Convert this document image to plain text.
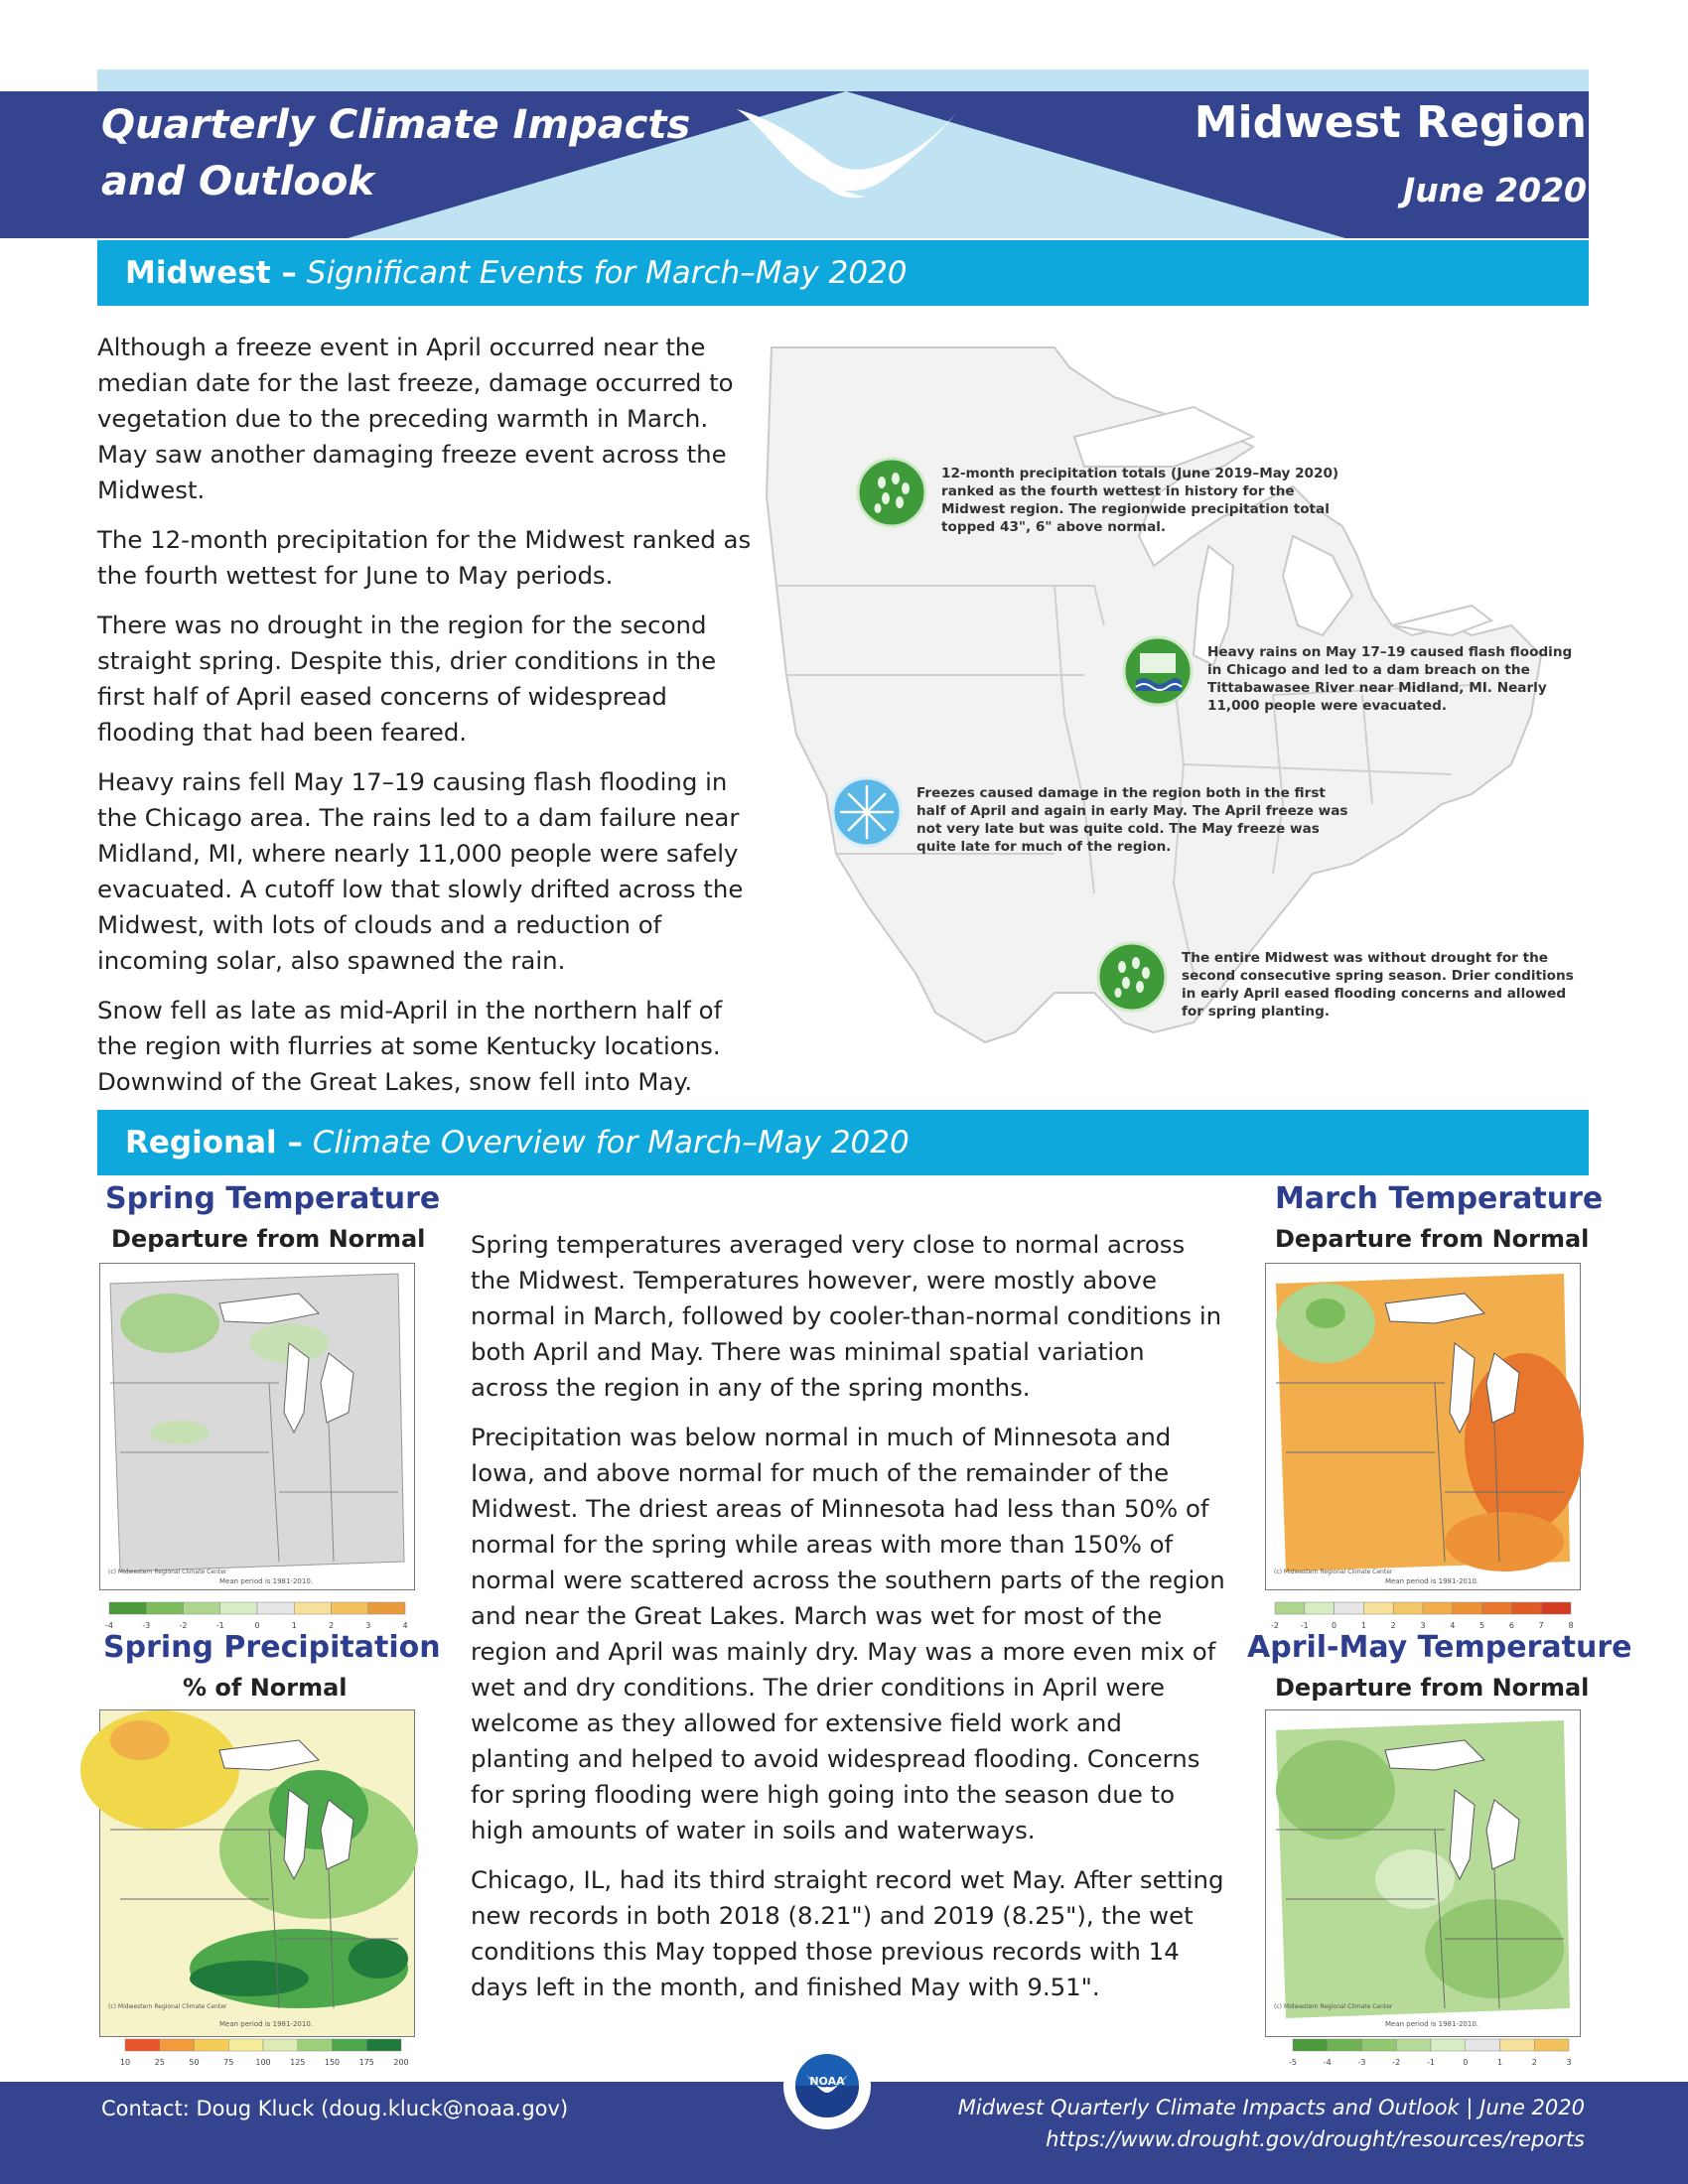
Quarterly Climate Impacts
and Outlook
Midwest Region
June 2020
Midwest – Significant Events for March–May 2020

Although a freeze event in April occurred near the median date for the last freeze, damage occurred to vegetation due to the preceding warmth in March. May saw another damaging freeze event across the Midwest.

The 12-month precipitation for the Midwest ranked as the fourth wettest for June to May periods.

There was no drought in the region for the second straight spring. Despite this, drier conditions in the first half of April eased concerns of widespread flooding that had been feared.

Heavy rains fell May 17–19 causing flash flooding in the Chicago area. The rains led to a dam failure near Midland, MI, where nearly 11,000 people were safely evacuated. A cutoff low that slowly drifted across the Midwest, with lots of clouds and a reduction of incoming solar, also spawned the rain.

Snow fell as late as mid-April in the northern half of the region with flurries at some Kentucky locations. Downwind of the Great Lakes, snow fell into May.

12-month precipitation totals (June 2019–May 2020) ranked as the fourth wettest in history for the Midwest region. The regionwide precipitation total topped 43", 6" above normal.
Heavy rains on May 17–19 caused flash flooding in Chicago and led to a dam breach on the Tittabawasee River near Midland, MI. Nearly 11,000 people were evacuated.
Freezes caused damage in the region both in the first half of April and again in early May. The April freeze was not very late but was quite cold. The May freeze was quite late for much of the region.
The entire Midwest was without drought for the second consecutive spring season. Drier conditions in early April eased flooding concerns and allowed for spring planting.
Regional – Climate Overview for March–May 2020

Spring temperatures averaged very close to normal across the Midwest. Temperatures however, were mostly above normal in March, followed by cooler-than-normal conditions in both April and May. There was minimal spatial variation across the region in any of the spring months.

Precipitation was below normal in much of Minnesota and Iowa, and above normal for much of the remainder of the Midwest. The driest areas of Minnesota had less than 50% of normal for the spring while areas with more than 150% of normal were scattered across the southern parts of the region and near the Great Lakes. March was wet for most of the region and April was mainly dry. May was a more even mix of wet and dry conditions. The drier conditions in April were welcome as they allowed for extensive field work and planting and helped to avoid widespread flooding. Concerns for spring flooding were high going into the season due to high amounts of water in soils and waterways.

Chicago, IL, had its third straight record wet May. After setting new records in both 2018 (8.21") and 2019 (8.25"), the wet conditions this May topped those previous records with 14 days left in the month, and finished May with 9.51".

Spring Temperature
Departure from Normal
(c) Midwestern Regional Climate Center
Mean period is 1981-2010.
-4	-3	-2	-1	0	1	2	3	4
Spring Precipitation
% of Normal
(c) Midwestern Regional Climate Center
Mean period is 1981-2010.
10	25	50	75	100 125 150 175 200
March Temperature
Departure from Normal
(c) Midwestern Regional Climate Center
Mean period is 1981-2010.
-2	-1	0	1	2	3	4	5	6	7	8
April-May Temperature
Departure from Normal
(c) Midwestern Regional Climate Center
Mean period is 1981-2010.
-5	-4	-3	-2	-1	0	1	2	3
Contact: Doug Kluck (doug.kluck@noaa.gov)	Midwest Quarterly Climate Impacts and Outlook | June 2020
https://www.drought.gov/drought/resources/reports
NOAA
